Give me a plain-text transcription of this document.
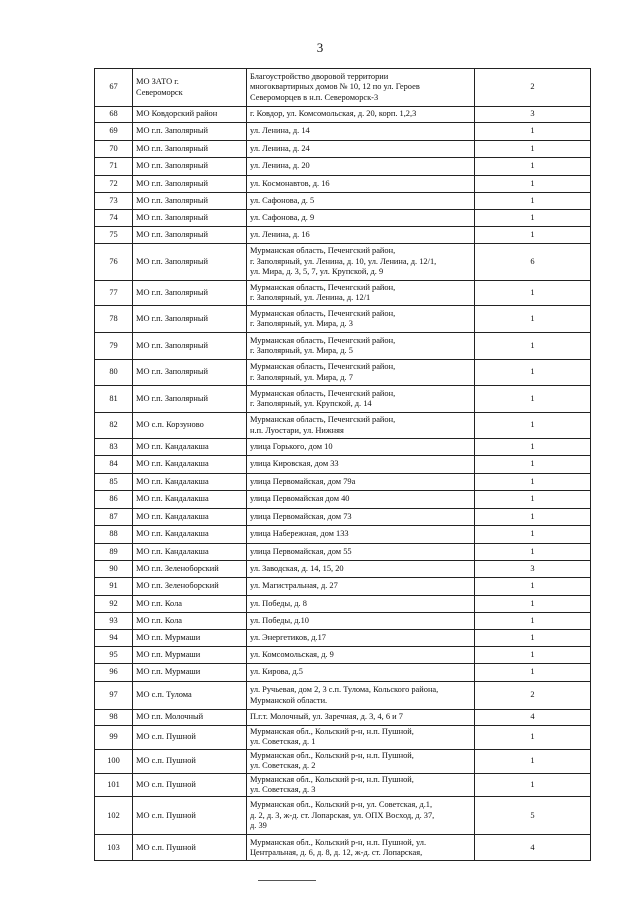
3
67	МО ЗАТО г.
Североморск	Благоустройство дворовой территории
многоквартирных домов № 10, 12 по ул. Героев
Североморцев в н.п. Североморск-3	2
68	МО Ковдорский район	г. Ковдор, ул. Комсомольская, д. 20, корп. 1,2,3	3
69	МО г.п. Заполярный	ул. Ленина, д. 14	1
70	МО г.п. Заполярный	ул. Ленина, д. 24	1
71	МО г.п. Заполярный	ул. Ленина, д. 20	1
72	МО г.п. Заполярный	ул. Космонавтов, д. 16	1
73	МО г.п. Заполярный	ул. Сафонова, д. 5	1
74	МО г.п. Заполярный	ул. Сафонова, д. 9	1
75	МО г.п. Заполярный	ул. Ленина, д. 16	1
76	МО г.п. Заполярный	Мурманская область, Печенгский район,
г. Заполярный, ул. Ленина, д. 10, ул. Ленина, д. 12/1,
ул. Мира, д. 3, 5, 7, ул. Крупской, д. 9	6
77	МО г.п. Заполярный	Мурманская область, Печенгский район,
г. Заполярный, ул. Ленина, д. 12/1	1
78	МО г.п. Заполярный	Мурманская область, Печенгский район,
г. Заполярный, ул. Мира, д. 3	1
79	МО г.п. Заполярный	Мурманская область, Печенгский район,
г. Заполярный, ул. Мира, д. 5	1
80	МО г.п. Заполярный	Мурманская область, Печенгский район,
г. Заполярный, ул. Мира, д. 7	1
81	МО г.п. Заполярный	Мурманская область, Печенгский район,
г. Заполярный, ул. Крупской, д. 14	1
82	МО с.п. Корзуново	Мурманская область, Печенгский район,
н.п. Луостари, ул. Нижняя	1
83	МО г.п. Кандалакша	улица Горького, дом 10	1
84	МО г.п. Кандалакша	улица Кировская, дом 33	1
85	МО г.п. Кандалакша	улица Первомайская, дом 79а	1
86	МО г.п. Кандалакша	улица Первомайская дом 40	1
87	МО г.п. Кандалакша	улица Первомайская, дом 73	1
88	МО г.п. Кандалакша	улица Набережная, дом 133	1
89	МО г.п. Кандалакша	улица Первомайская, дом 55	1
90	МО г.п. Зеленоборский	ул. Заводская, д. 14, 15, 20	3
91	МО г.п. Зеленоборский	ул. Магистральная, д. 27	1
92	МО г.п. Кола	ул. Победы, д. 8	1
93	МО г.п. Кола	ул. Победы, д.10	1
94	МО г.п. Мурмаши	ул. Энергетиков, д.17	1
95	МО г.п. Мурмаши	ул. Комсомольская, д. 9	1
96	МО г.п. Мурмаши	ул. Кирова, д.5	1
97	МО с.п. Тулома	ул. Ручьевая, дом 2, 3 с.п. Тулома, Кольского района,
Мурманской области.	2
98	МО г.п. Молочный	П.г.т. Молочный, ул. Заречная, д. 3, 4, 6 и 7	4
99	МО с.п. Пушной	Мурманская обл., Кольский р-н, н.п. Пушной,
ул. Советская, д. 1	1
100	МО с.п. Пушной	Мурманская обл., Кольский р-н, н.п. Пушной,
ул. Советская, д. 2	1
101	МО с.п. Пушной	Мурманская обл., Кольский р-н, н.п. Пушной,
ул. Советская, д. 3	1
102	МО с.п. Пушной	Мурманская обл., Кольский р-н, ул. Советская, д.1,
д. 2, д. 3, ж-д. ст. Лопарская, ул. ОПХ Восход, д. 37,
д. 39	5
103	МО с.п. Пушной	Мурманская обл., Кольский р-н, н.п. Пушной, ул.
Центральная, д. 6, д. 8, д. 12, ж-д. ст. Лопарская,	4
